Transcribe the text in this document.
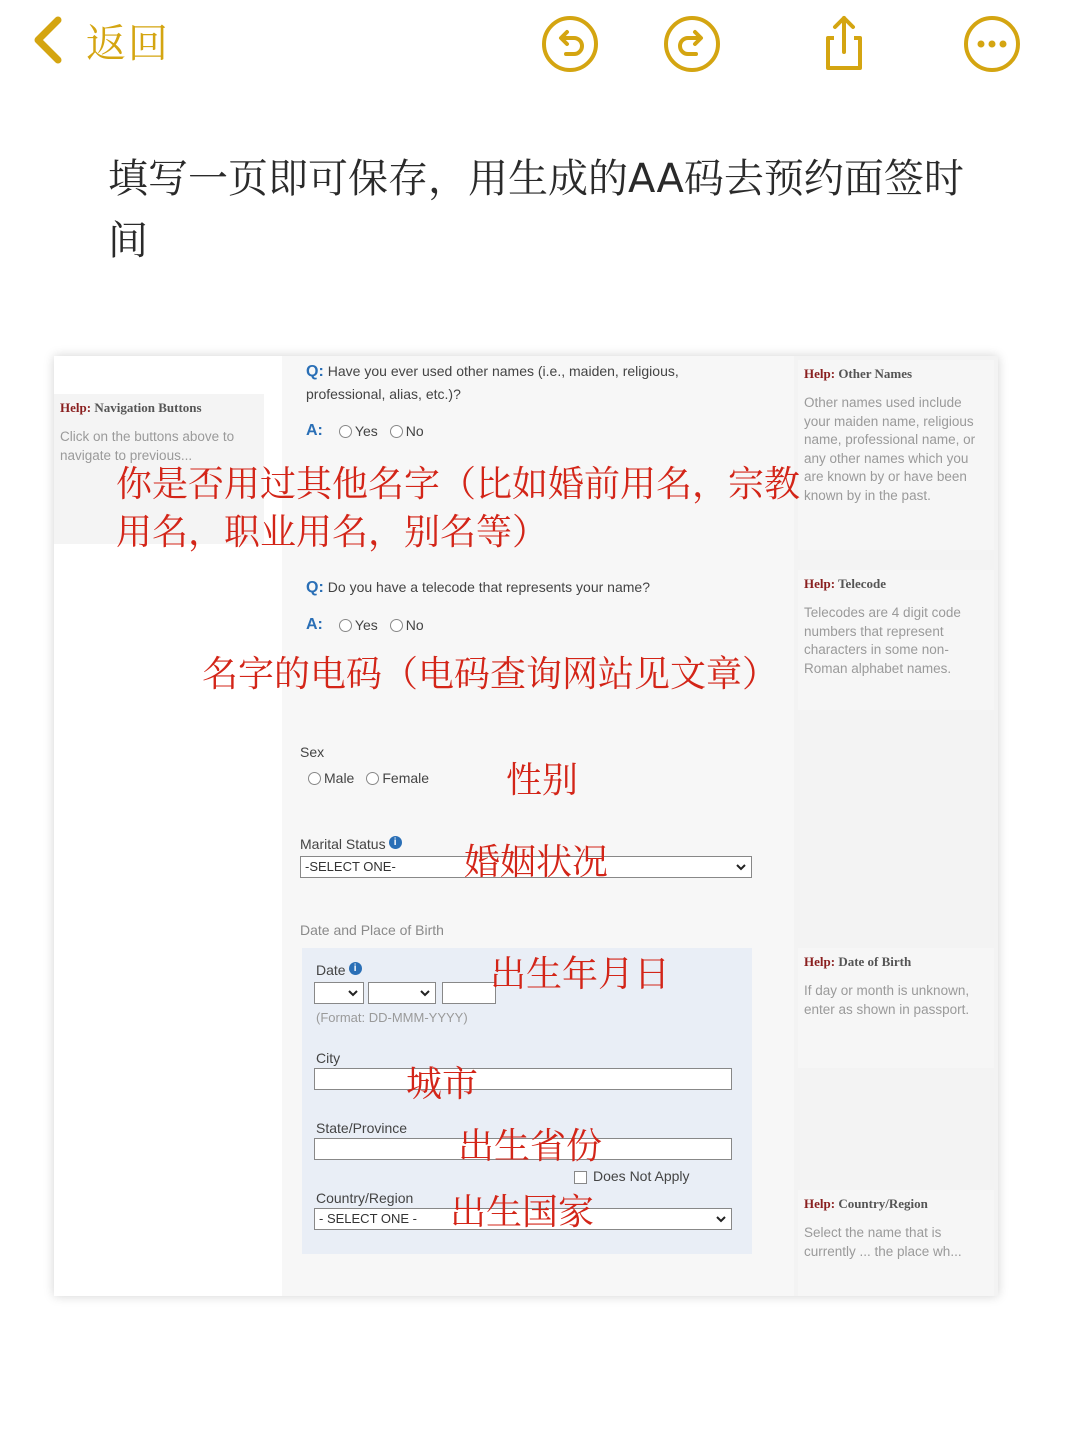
返回
填写一页即可保存，用生成的AA码去预约面签时间
Help: Navigation Buttons
Click on the buttons above to navigate to previous...
Q: Have you ever used other names (i.e., maiden, religious, professional, alias, etc.)?
A: Yes No
Help: Other Names
Other names used include your maiden name, religious name, professional name, or any other names which you are known by or have been known by in the past.
Q: Do you have a telecode that represents your name?
A: Yes No
Help: Telecode
Telecodes are 4 digit code numbers that represent characters in some non-Roman alphabet names.
Sex
Male Female
Marital Status i
-SELECT ONE-
Date and Place of Birth
Date i
(Format: DD-MMM-YYYY)
City
State/Province
Does Not Apply
Country/Region
- SELECT ONE -
Help: Date of Birth
If day or month is unknown, enter as shown in passport.
Help: Country/Region
Select the name that is currently ... the place wh...
你是否用过其他名字（比如婚前用名，宗教
用名，职业用名，别名等）
名字的电码（电码查询网站见文章）
性别
婚姻状况
出生年月日
城市
出生省份
出生国家
